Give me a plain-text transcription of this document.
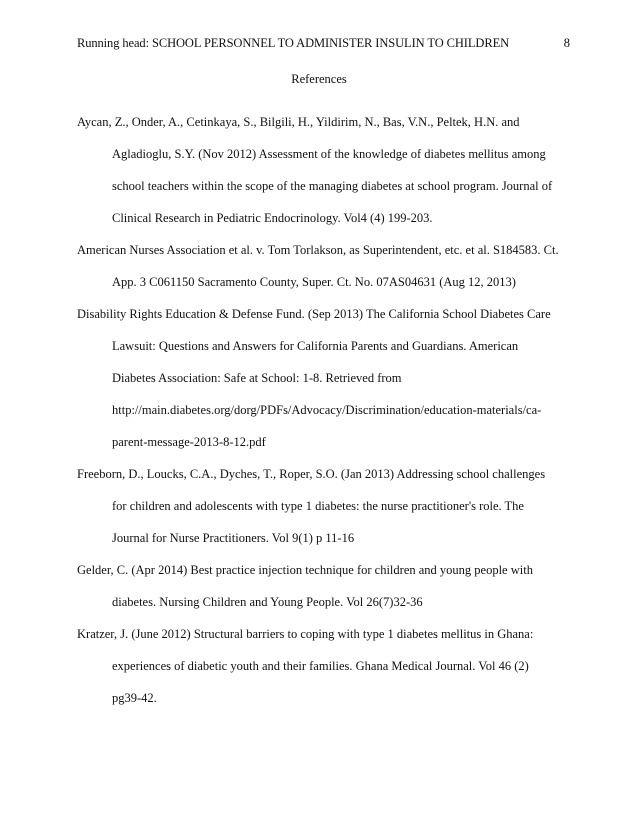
Running head: SCHOOL PERSONNEL TO ADMINISTER INSULIN TO CHILDREN	8
References
Aycan, Z., Onder, A., Cetinkaya, S., Bilgili, H., Yildirim, N., Bas, V.N., Peltek, H.N. and
Agladioglu, S.Y. (Nov 2012) Assessment of the knowledge of diabetes mellitus among
school teachers within the scope of the managing diabetes at school program. Journal of
Clinical Research in Pediatric Endocrinology. Vol4 (4) 199-203.
American Nurses Association et al. v. Tom Torlakson, as Superintendent, etc. et al. S184583. Ct.
App. 3 C061150 Sacramento County, Super. Ct. No. 07AS04631 (Aug 12, 2013)
Disability Rights Education & Defense Fund. (Sep 2013) The California School Diabetes Care
Lawsuit: Questions and Answers for California Parents and Guardians. American
Diabetes Association: Safe at School: 1-8. Retrieved from
http://main.diabetes.org/dorg/PDFs/Advocacy/Discrimination/education-materials/ca-
parent-message-2013-8-12.pdf
Freeborn, D., Loucks, C.A., Dyches, T., Roper, S.O. (Jan 2013) Addressing school challenges
for children and adolescents with type 1 diabetes: the nurse practitioner's role. The
Journal for Nurse Practitioners. Vol 9(1) p 11-16
Gelder, C. (Apr 2014) Best practice injection technique for children and young people with
diabetes. Nursing Children and Young People. Vol 26(7)32-36
Kratzer, J. (June 2012) Structural barriers to coping with type 1 diabetes mellitus in Ghana:
experiences of diabetic youth and their families. Ghana Medical Journal. Vol 46 (2)
pg39-42.
